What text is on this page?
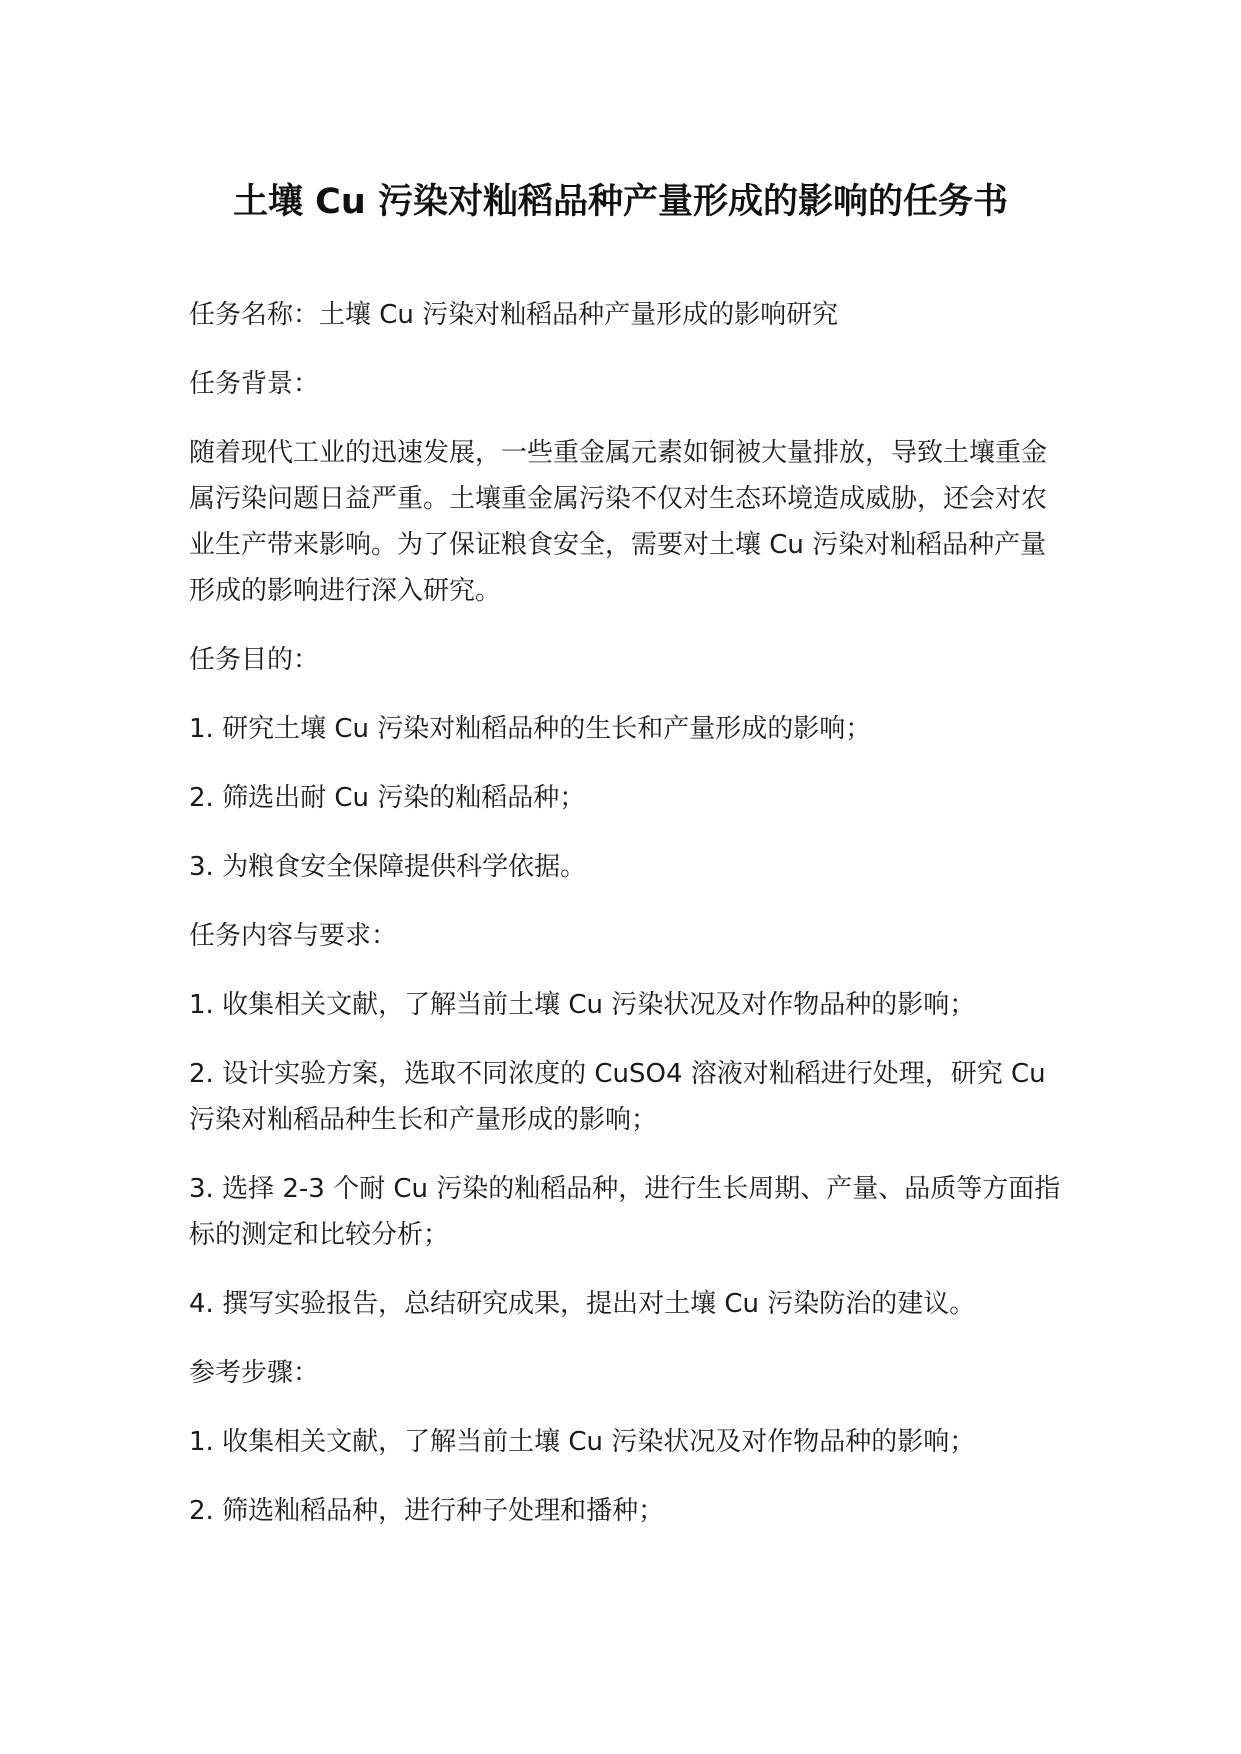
土壤 Cu 污染对籼稻品种产量形成的影响的任务书

任务名称：土壤 Cu 污染对籼稻品种产量形成的影响研究

任务背景：

随着现代工业的迅速发展，一些重金属元素如铜被大量排放，导致土壤重金属污染问题日益严重。土壤重金属污染不仅对生态环境造成威胁，还会对农业生产带来影响。为了保证粮食安全，需要对土壤 Cu 污染对籼稻品种产量形成的影响进行深入研究。

任务目的：

1. 研究土壤 Cu 污染对籼稻品种的生长和产量形成的影响；

2. 筛选出耐 Cu 污染的籼稻品种；

3. 为粮食安全保障提供科学依据。

任务内容与要求：

1. 收集相关文献，了解当前土壤 Cu 污染状况及对作物品种的影响；

2. 设计实验方案，选取不同浓度的 CuSO4 溶液对籼稻进行处理，研究 Cu 污染对籼稻品种生长和产量形成的影响；

3. 选择 2-3 个耐 Cu 污染的籼稻品种，进行生长周期、产量、品质等方面指标的测定和比较分析；

4. 撰写实验报告，总结研究成果，提出对土壤 Cu 污染防治的建议。

参考步骤：

1. 收集相关文献，了解当前土壤 Cu 污染状况及对作物品种的影响；

2. 筛选籼稻品种，进行种子处理和播种；
